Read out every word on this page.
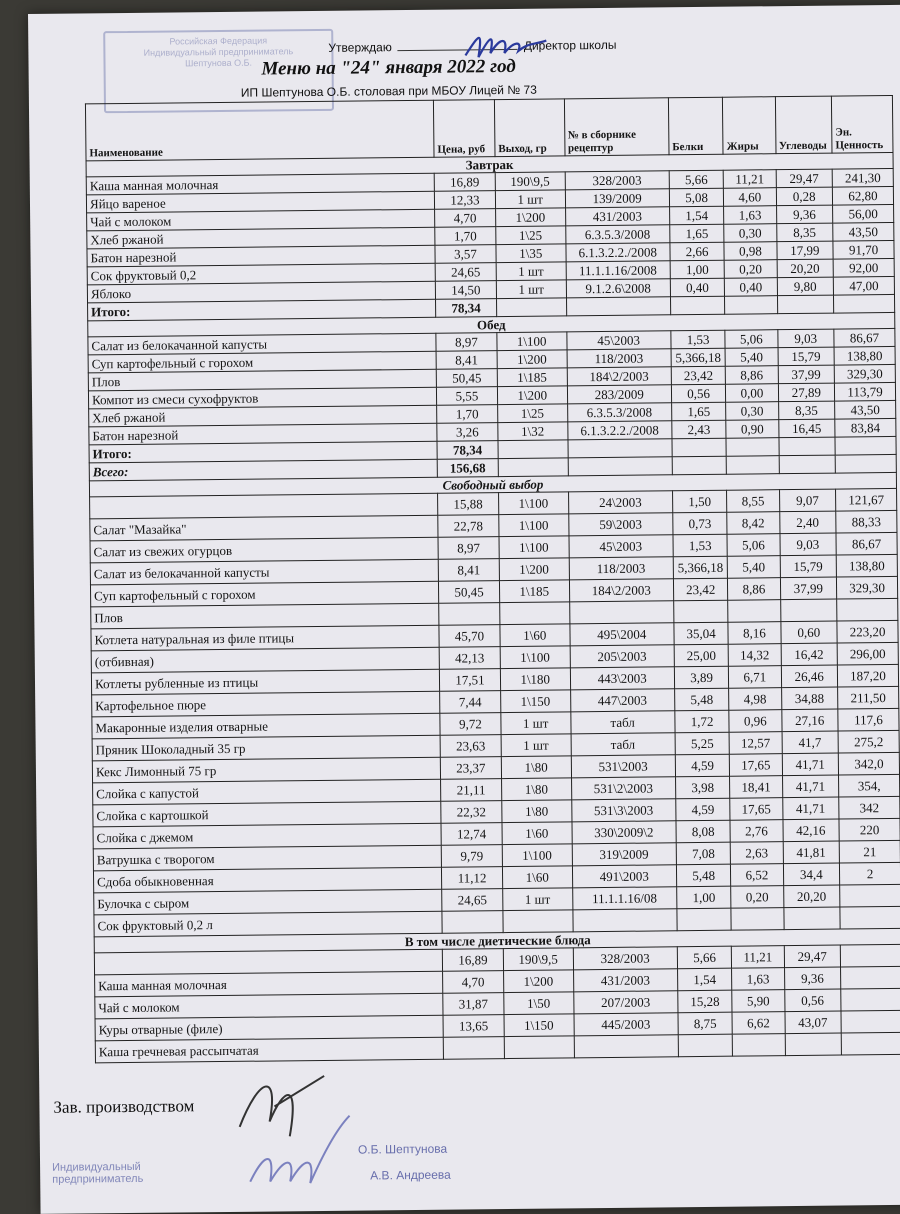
Российская Федерация
Индивидуальный предприниматель
Шептунова О.Б.
Утверждаю	Директор школы
Меню на "24" января 2022 год
ИП Шептунова О.Б. столовая при МБОУ Лицей № 73
Наименование	Цена, руб	Выход, гр	№ в сборнике рецептур	Белки	Жиры	Углеводы	Эн. Ценность
Завтрак							
Каша манная молочная	16,89	190\9,5	328/2003	5,66	11,21	29,47	241,30
Яйцо вареное	12,33	1 шт	139/2009	5,08	4,60	0,28	62,80
Чай с молоком	4,70	1\200	431/2003	1,54	1,63	9,36	56,00
Хлеб ржаной	1,70	1\25	6.3.5.3/2008	1,65	0,30	8,35	43,50
Батон нарезной	3,57	1\35	6.1.3.2.2./2008	2,66	0,98	17,99	91,70
Сок фруктовый 0,2	24,65	1 шт	11.1.1.16/2008	1,00	0,20	20,20	92,00
Яблоко	14,50	1 шт	9.1.2.6\2008	0,40	0,40	9,80	47,00
Итого:	78,34						
Обед							
Салат из белокачанной капусты	8,97	1\100	45\2003	1,53	5,06	9,03	86,67
Суп картофельный с горохом	8,41	1\200	118/2003	5,366,18	5,40	15,79	138,80
Плов	50,45	1\185	184\2/2003	23,42	8,86	37,99	329,30
Компот из смеси сухофруктов	5,55	1\200	283/2009	0,56	0,00	27,89	113,79
Хлеб ржаной	1,70	1\25	6.3.5.3/2008	1,65	0,30	8,35	43,50
Батон нарезной	3,26	1\32	6.1.3.2.2./2008	2,43	0,90	16,45	83,84
Итого:	78,34						
Всего:	156,68						
Свободный выбор							
	15,88	1\100	24\2003	1,50	8,55	9,07	121,67
Салат "Мазайка"	22,78	1\100	59\2003	0,73	8,42	2,40	88,33
Салат из свежих огурцов	8,97	1\100	45\2003	1,53	5,06	9,03	86,67
Салат из белокачанной капусты	8,41	1\200	118/2003	5,366,18	5,40	15,79	138,80
Суп картофельный с горохом	50,45	1\185	184\2/2003	23,42	8,86	37,99	329,30
Плов							
Котлета натуральная из филе птицы	45,70	1\60	495\2004	35,04	8,16	0,60	223,20
(отбивная)	42,13	1\100	205\2003	25,00	14,32	16,42	296,00
Котлеты рубленные из птицы	17,51	1\180	443\2003	3,89	6,71	26,46	187,20
Картофельное пюре	7,44	1\150	447\2003	5,48	4,98	34,88	211,50
Макаронные изделия отварные	9,72	1 шт	табл	1,72	0,96	27,16	117,6
Пряник Шоколадный 35 гр	23,63	1 шт	табл	5,25	12,57	41,7	275,2
Кекс Лимонный 75 гр	23,37	1\80	531\2003	4,59	17,65	41,71	342,0
Слойка с капустой	21,11	1\80	531\2\2003	3,98	18,41	41,71	354,
Слойка с картошкой	22,32	1\80	531\3\2003	4,59	17,65	41,71	342
Слойка с джемом	12,74	1\60	330\2009\2	8,08	2,76	42,16	220
Ватрушка с творогом	9,79	1\100	319\2009	7,08	2,63	41,81	21
Сдоба обыкновенная	11,12	1\60	491\2003	5,48	6,52	34,4	2
Булочка с сыром	24,65	1 шт	11.1.1.16/08	1,00	0,20	20,20	
Сок фруктовый 0,2 л							
В том числе диетические блюда							
	16,89	190\9,5	328/2003	5,66	11,21	29,47	
Каша манная молочная	4,70	1\200	431/2003	1,54	1,63	9,36	
Чай с молоком	31,87	1\50	207/2003	15,28	5,90	0,56	
Куры отварные (филе)	13,65	1\150	445/2003	8,75	6,62	43,07	
Каша гречневая рассыпчатая							
Зав. производством
О.Б. Шептунова
А.В. Андреева
Индивидуальный
предприниматель
